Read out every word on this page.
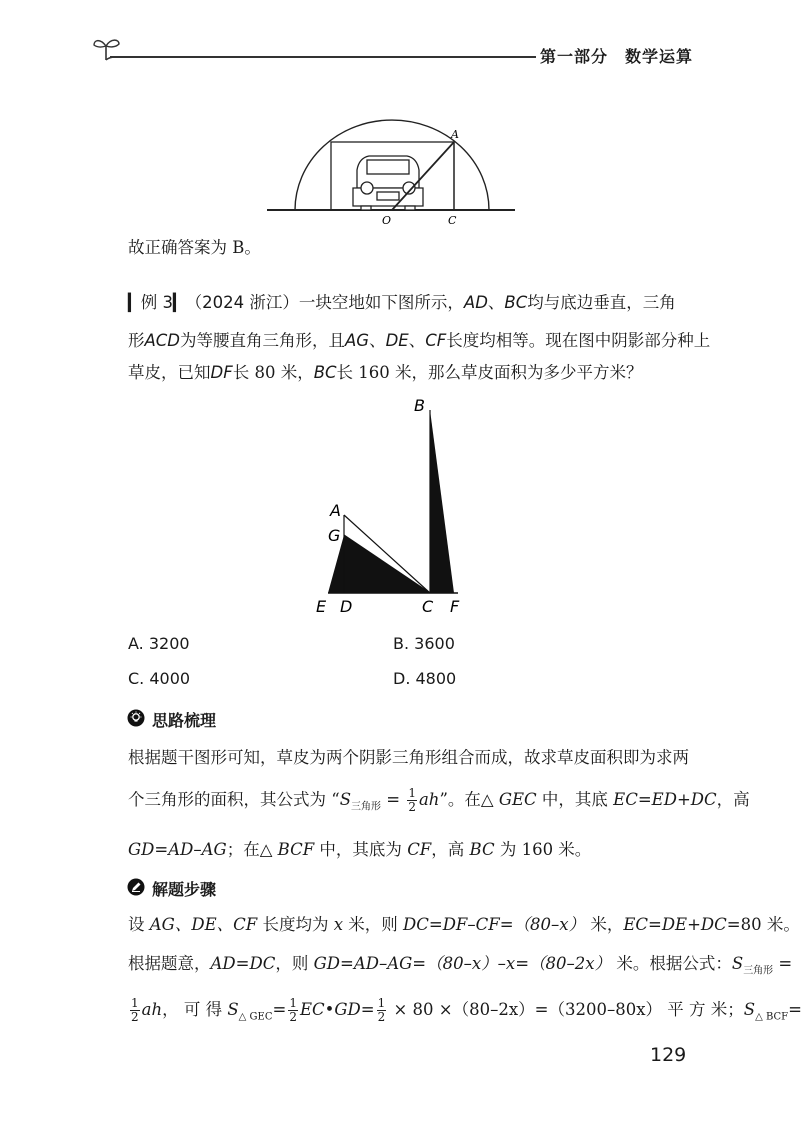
第一部分　数学运算
A
O	C
故正确答案为 B。
▎例 3▎（2024 浙江）一块空地如下图所示，AD、BC均与底边垂直，三角
形ACD为等腰直角三角形，且AG、DE、CF长度均相等。现在图中阴影部分种上
草皮，已知DF长 80 米，BC长 160 米，那么草皮面积为多少平方米？
B
A
G
E D	C F
A. 3200	B. 3600
C. 4000	D. 4800
思路梳理
根据题干图形可知，草皮为两个阴影三角形组合而成，故求草皮面积即为求两
个三角形的面积，其公式为 “$S_{三角形} = \frac{1}{2}$ ah”。在△ GEC 中，其底 EC=ED+DC，高
GD=AD–AG；在△ BCF 中，其底为 CF，高 BC 为 160 米。
解题步骤
设 AG、DE、CF 长度均为 x 米，则 DC=DF–CF=（80–x） 米，EC=DE+DC=80 米。
根据题意，AD=DC，则 GD=AD–AG=（80–x）–x=（80–2x） 米。根据公式：$S_{三角形}$ =
$\frac{1}{2}$ ah， 可 得 $S_{\triangle GEC}= \frac{1}{2}$ EC•GD= $\frac{1}{2} \times 80 \times(80-2x)=(3200-80x)$ 平 方 米；$S_{\triangle BCF}=$
129
